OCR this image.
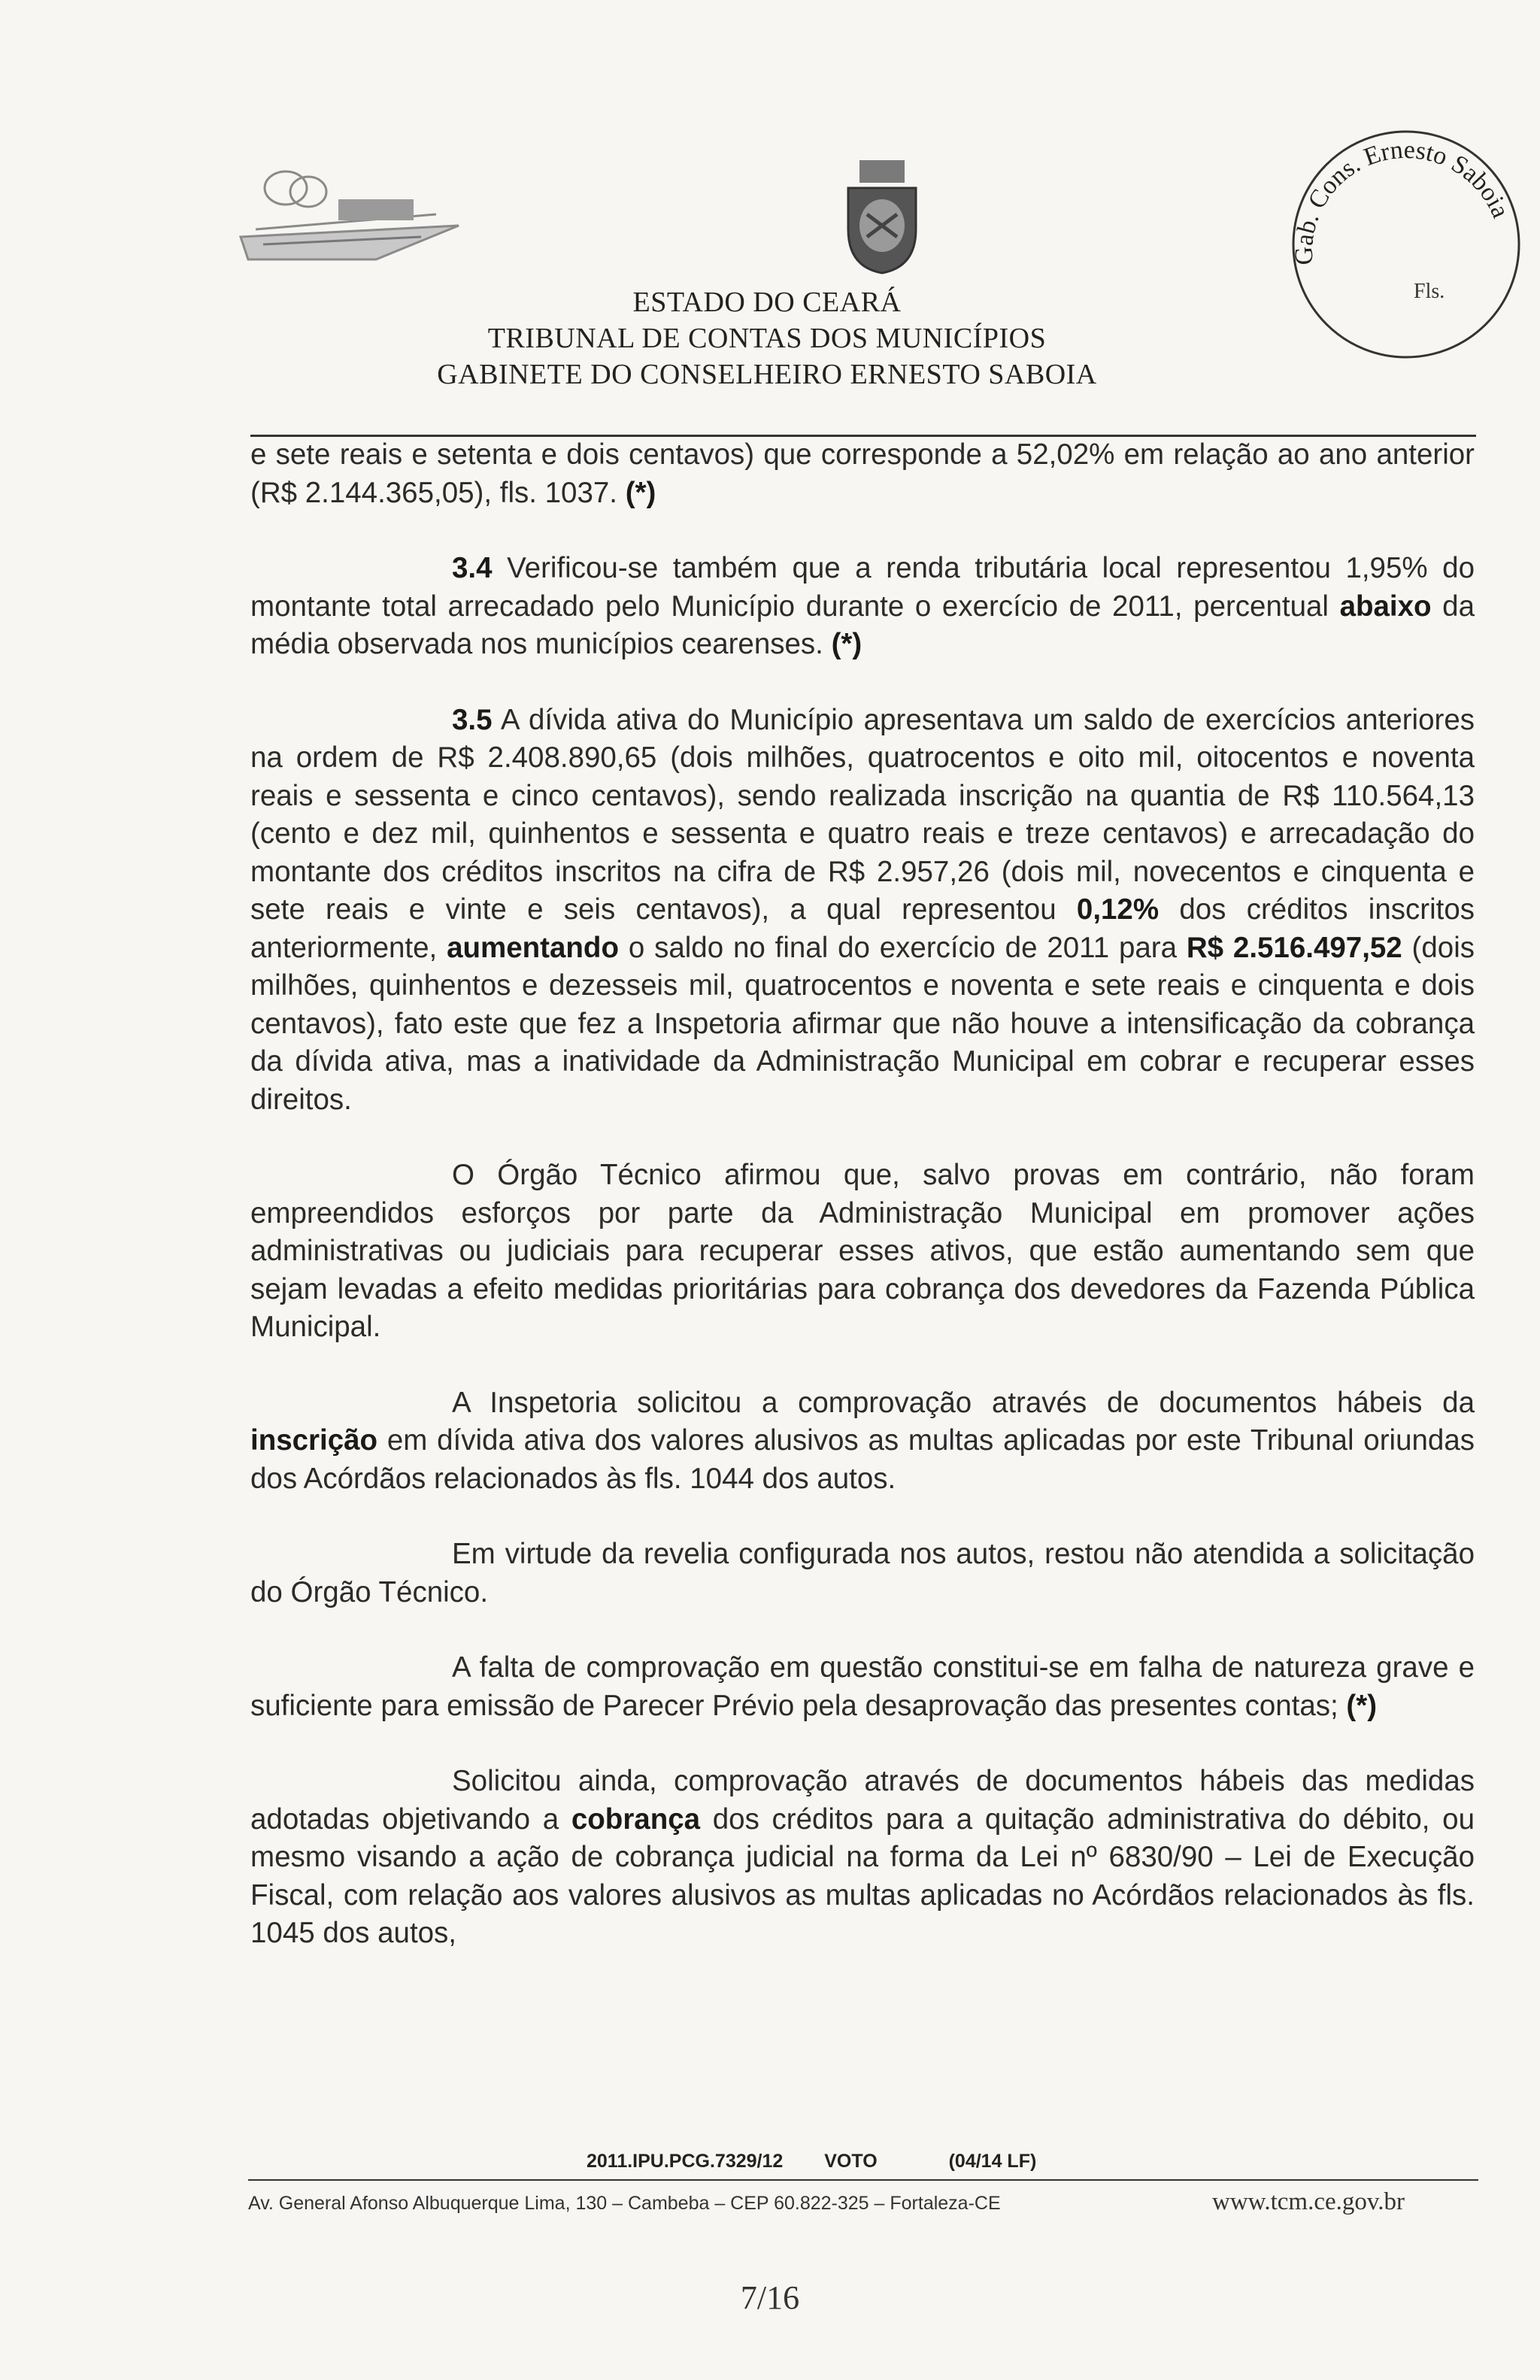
Gab. Cons. Ernesto Saboia
Fls.
ESTADO DO CEARÁ
TRIBUNAL DE CONTAS DOS MUNICÍPIOS
GABINETE DO CONSELHEIRO ERNESTO SABOIA

e sete reais e setenta e dois centavos) que corresponde a 52,02% em relação ao ano anterior (R$ 2.144.365,05), fls. 1037. (*)

3.4 Verificou-se também que a renda tributária local representou 1,95% do montante total arrecadado pelo Município durante o exercício de 2011, percentual abaixo da média observada nos municípios cearenses. (*)

3.5 A dívida ativa do Município apresentava um saldo de exercícios anteriores na ordem de R$ 2.408.890,65 (dois milhões, quatrocentos e oito mil, oitocentos e noventa reais e sessenta e cinco centavos), sendo realizada inscrição na quantia de R$ 110.564,13 (cento e dez mil, quinhentos e sessenta e quatro reais e treze centavos) e arrecadação do montante dos créditos inscritos na cifra de R$ 2.957,26 (dois mil, novecentos e cinquenta e sete reais e vinte e seis centavos), a qual representou 0,12% dos créditos inscritos anteriormente, aumentando o saldo no final do exercício de 2011 para R$ 2.516.497,52 (dois milhões, quinhentos e dezesseis mil, quatrocentos e noventa e sete reais e cinquenta e dois centavos), fato este que fez a Inspetoria afirmar que não houve a intensificação da cobrança da dívida ativa, mas a inatividade da Administração Municipal em cobrar e recuperar esses direitos.

O Órgão Técnico afirmou que, salvo provas em contrário, não foram empreendidos esforços por parte da Administração Municipal em promover ações administrativas ou judiciais para recuperar esses ativos, que estão aumentando sem que sejam levadas a efeito medidas prioritárias para cobrança dos devedores da Fazenda Pública Municipal.

A Inspetoria solicitou a comprovação através de documentos hábeis da inscrição em dívida ativa dos valores alusivos as multas aplicadas por este Tribunal oriundas dos Acórdãos relacionados às fls. 1044 dos autos.

Em virtude da revelia configurada nos autos, restou não atendida a solicitação do Órgão Técnico.

A falta de comprovação em questão constitui-se em falha de natureza grave e suficiente para emissão de Parecer Prévio pela desaprovação das presentes contas; (*)

Solicitou ainda, comprovação através de documentos hábeis das medidas adotadas objetivando a cobrança dos créditos para a quitação administrativa do débito, ou mesmo visando a ação de cobrança judicial na forma da Lei nº 6830/90 – Lei de Execução Fiscal, com relação aos valores alusivos as multas aplicadas no Acórdãos relacionados às fls. 1045 dos autos,

2011.IPU.PCG.7329/12 VOTO	(04/14 LF)
Av. General Afonso Albuquerque Lima, 130 – Cambeba – CEP 60.822-325 – Fortaleza-CE	www.tcm.ce.gov.br
7/16
